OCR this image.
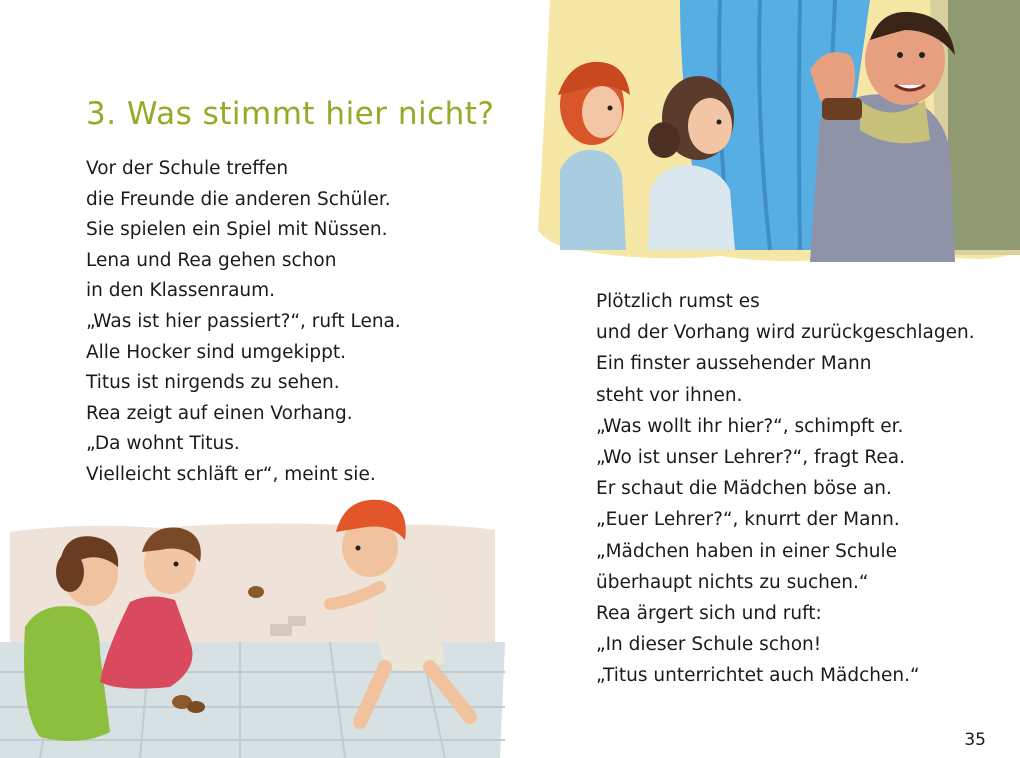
3. Was stimmt hier nicht?
Vor der Schule treffen
die Freunde die anderen Schüler.
Sie spielen ein Spiel mit Nüssen.
Lena und Rea gehen schon
in den Klassenraum.
„Was ist hier passiert?“, ruft Lena.
Alle Hocker sind umgekippt.
Titus ist nirgends zu sehen.
Rea zeigt auf einen Vorhang.
„Da wohnt Titus.
Vielleicht schläft er“, meint sie.
Plötzlich rumst es
und der Vorhang wird zurückgeschlagen.
Ein finster aussehender Mann
steht vor ihnen.
„Was wollt ihr hier?“, schimpft er.
„Wo ist unser Lehrer?“, fragt Rea.
Er schaut die Mädchen böse an.
„Euer Lehrer?“, knurrt der Mann.
„Mädchen haben in einer Schule
überhaupt nichts zu suchen.“
Rea ärgert sich und ruft:
„In dieser Schule schon!
„Titus unterrichtet auch Mädchen.“
35
